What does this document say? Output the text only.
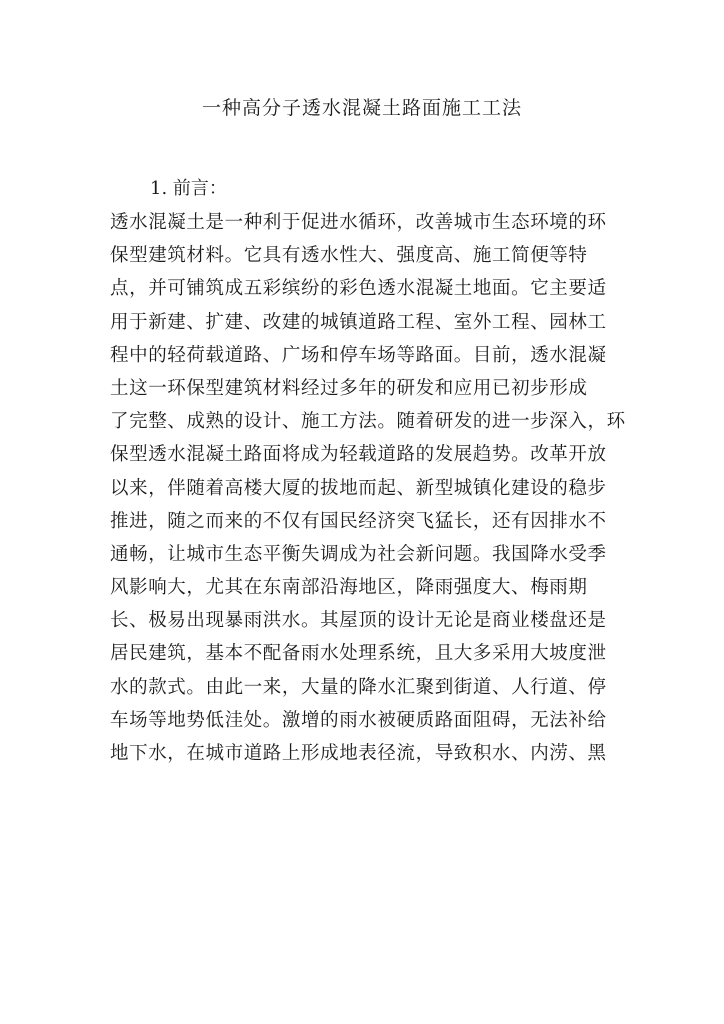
一种高分子透水混凝土路面施工工法
1. 前言：
透水混凝土是一种利于促进水循环，改善城市生态环境的环
保型建筑材料。它具有透水性大、强度高、施工简便等特
点，并可铺筑成五彩缤纷的彩色透水混凝土地面。它主要适
用于新建、扩建、改建的城镇道路工程、室外工程、园林工
程中的轻荷载道路、广场和停车场等路面。目前，透水混凝
土这一环保型建筑材料经过多年的研发和应用已初步形成
了完整、成熟的设计、施工方法。随着研发的进一步深入，环
保型透水混凝土路面将成为轻载道路的发展趋势。改革开放
以来，伴随着高楼大厦的拔地而起、新型城镇化建设的稳步
推进，随之而来的不仅有国民经济突飞猛长，还有因排水不
通畅，让城市生态平衡失调成为社会新问题。我国降水受季
风影响大，尤其在东南部沿海地区，降雨强度大、梅雨期
长、极易出现暴雨洪水。其屋顶的设计无论是商业楼盘还是
居民建筑，基本不配备雨水处理系统，且大多采用大坡度泄
水的款式。由此一来，大量的降水汇聚到街道、人行道、停
车场等地势低洼处。激增的雨水被硬质路面阻碍，无法补给
地下水，在城市道路上形成地表径流，导致积水、内涝、黑
